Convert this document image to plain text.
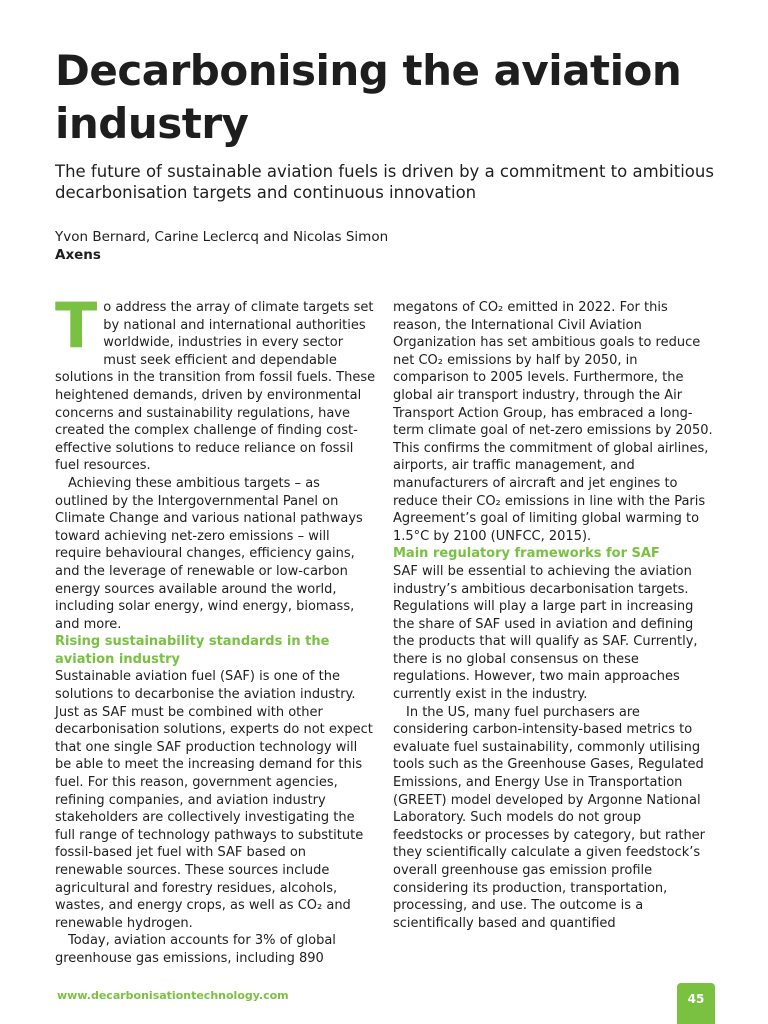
Decarbonising the aviation industry

The future of sustainable aviation fuels is driven by a commitment to ambitious decarbonisation targets and continuous innovation

Yvon Bernard, Carine Leclercq and Nicolas Simon
Axens

To address the array of climate targets set by national and international authorities worldwide, industries in every sector must seek efficient and dependable solutions in the transition from fossil fuels. These heightened demands, driven by environmental concerns and sustainability regulations, have created the complex challenge of finding cost-effective solutions to reduce reliance on fossil fuel resources.

Achieving these ambitious targets – as outlined by the Intergovernmental Panel on Climate Change and various national pathways toward achieving net-zero emissions – will require behavioural changes, efficiency gains, and the leverage of renewable or low-carbon energy sources available around the world, including solar energy, wind energy, biomass, and more.

Rising sustainability standards in the aviation industry

Sustainable aviation fuel (SAF) is one of the solutions to decarbonise the aviation industry. Just as SAF must be combined with other decarbonisation solutions, experts do not expect that one single SAF production technology will be able to meet the increasing demand for this fuel. For this reason, government agencies, refining companies, and aviation industry stakeholders are collectively investigating the full range of technology pathways to substitute fossil-based jet fuel with SAF based on renewable sources. These sources include agricultural and forestry residues, alcohols, wastes, and energy crops, as well as CO₂ and renewable hydrogen.

Today, aviation accounts for 3% of global greenhouse gas emissions, including 890

megatons of CO₂ emitted in 2022. For this reason, the International Civil Aviation Organization has set ambitious goals to reduce net CO₂ emissions by half by 2050, in comparison to 2005 levels. Furthermore, the global air transport industry, through the Air Transport Action Group, has embraced a long-term climate goal of net-zero emissions by 2050. This confirms the commitment of global airlines, airports, air traffic management, and manufacturers of aircraft and jet engines to reduce their CO₂ emissions in line with the Paris Agreement’s goal of limiting global warming to 1.5°C by 2100 (UNFCC, 2015).

Main regulatory frameworks for SAF

SAF will be essential to achieving the aviation industry’s ambitious decarbonisation targets. Regulations will play a large part in increasing the share of SAF used in aviation and defining the products that will qualify as SAF. Currently, there is no global consensus on these regulations. However, two main approaches currently exist in the industry.

In the US, many fuel purchasers are considering carbon-intensity-based metrics to evaluate fuel sustainability, commonly utilising tools such as the Greenhouse Gases, Regulated Emissions, and Energy Use in Transportation (GREET) model developed by Argonne National Laboratory. Such models do not group feedstocks or processes by category, but rather they scientifically calculate a given feedstock’s overall greenhouse gas emission profile considering its production, transportation, processing, and use. The outcome is a scientifically based and quantified

www.decarbonisationtechnology.com	45
